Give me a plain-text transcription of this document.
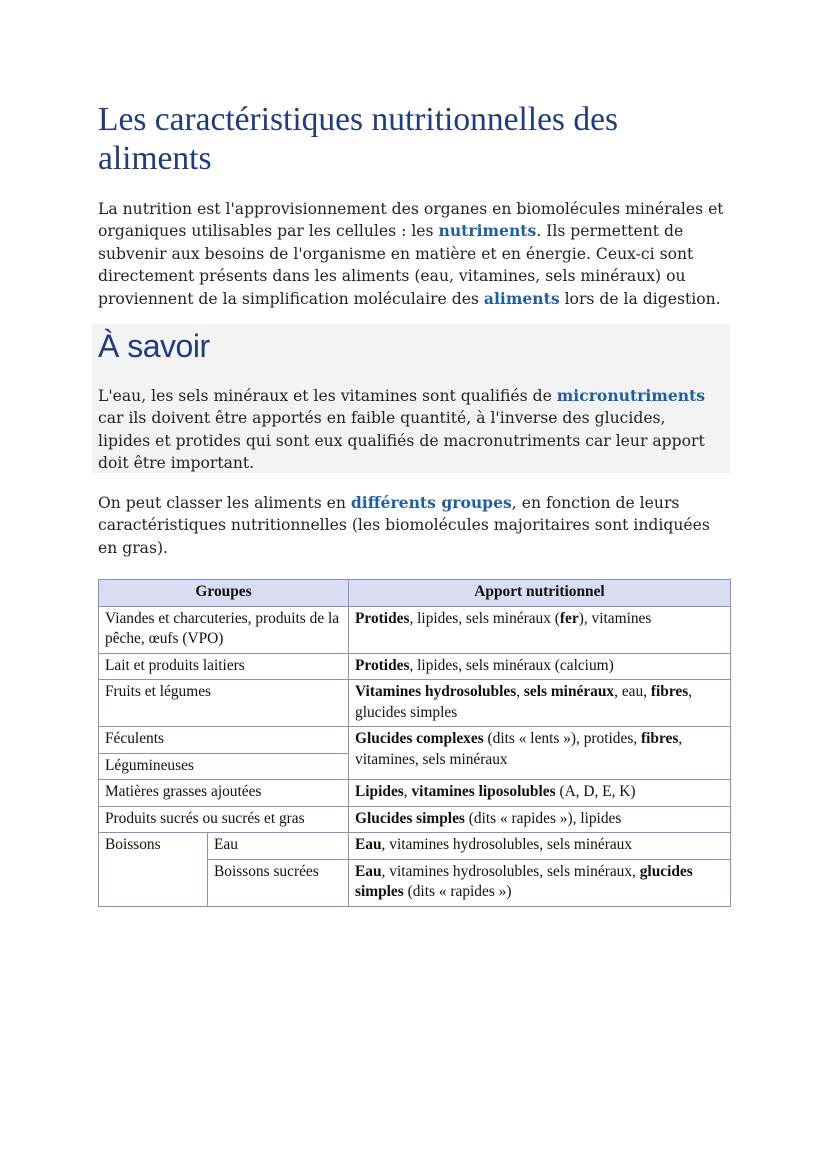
Les caractéristiques nutritionnelles des aliments

La nutrition est l'approvisionnement des organes en biomolécules minérales et organiques utilisables par les cellules : les nutriments. Ils permettent de subvenir aux besoins de l'organisme en matière et en énergie. Ceux-ci sont directement présents dans les aliments (eau, vitamines, sels minéraux) ou proviennent de la simplification moléculaire des aliments lors de la digestion.

À savoir

L'eau, les sels minéraux et les vitamines sont qualifiés de micronutriments car ils doivent être apportés en faible quantité, à l'inverse des glucides, lipides et protides qui sont eux qualifiés de macronutriments car leur apport doit être important.

On peut classer les aliments en différents groupes, en fonction de leurs caractéristiques nutritionnelles (les biomolécules majoritaires sont indiquées en gras).

Groupes		Apport nutritionnel
Viandes et charcuteries, produits de la pêche, œufs (VPO)		Protides, lipides, sels minéraux (fer), vitamines
Lait et produits laitiers		Protides, lipides, sels minéraux (calcium)
Fruits et légumes		Vitamines hydrosolubles, sels minéraux, eau, fibres, glucides simples
Féculents		Glucides complexes (dits « lents »), protides, fibres, vitamines, sels minéraux
Légumineuses		
Matières grasses ajoutées		Lipides, vitamines liposolubles (A, D, E, K)
Produits sucrés ou sucrés et gras		Glucides simples (dits « rapides »), lipides
Boissons	Eau	Eau, vitamines hydrosolubles, sels minéraux
	Boissons sucrées	Eau, vitamines hydrosolubles, sels minéraux, glucides simples (dits « rapides »)
